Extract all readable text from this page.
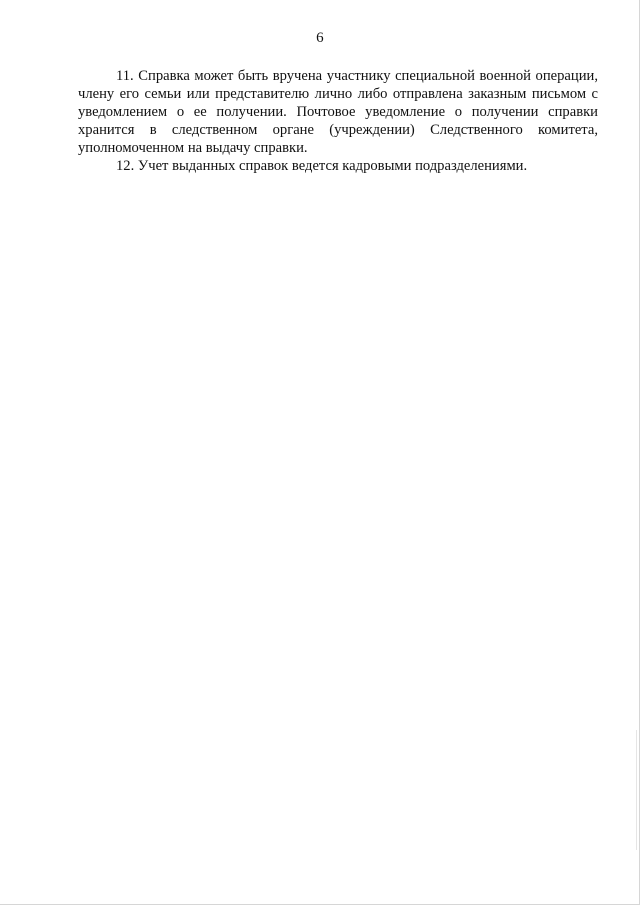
6

11. Справка может быть вручена участнику специальной военной операции, члену его семьи или представителю лично либо отправлена заказным письмом с уведомлением о ее получении. Почтовое уведомление о получении справки хранится в следственном органе (учреждении) Следственного комитета, уполномоченном на выдачу справки.

12. Учет выданных справок ведется кадровыми подразделениями.
